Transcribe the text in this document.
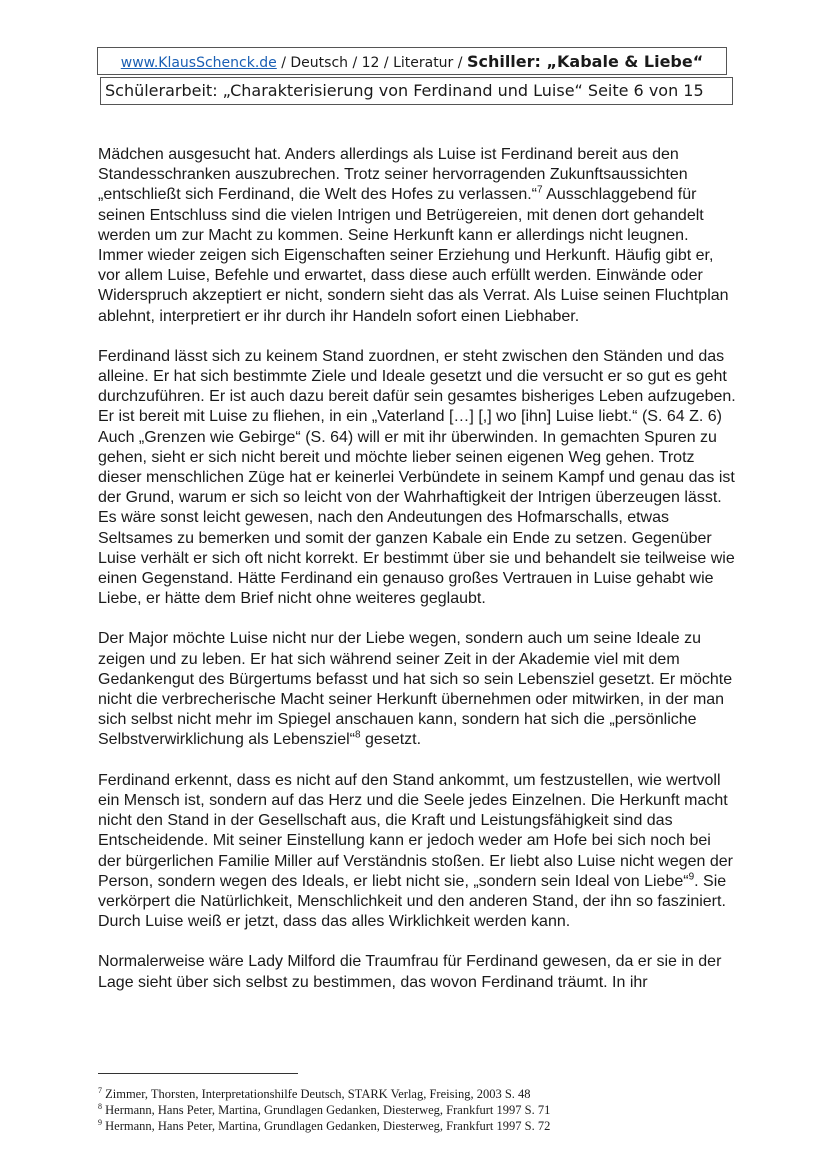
www.KlausSchenck.de / Deutsch / 12 / Literatur / Schiller: „Kabale & Liebe“
Schülerarbeit: „Charakterisierung von Ferdinand und Luise“ Seite 6 von 15

Mädchen ausgesucht hat. Anders allerdings als Luise ist Ferdinand bereit aus den Standesschranken auszubrechen. Trotz seiner hervorragenden Zukunftsaussichten „entschließt sich Ferdinand, die Welt des Hofes zu verlassen.“$^7$ Ausschlaggebend für seinen Entschluss sind die vielen Intrigen und Betrügereien, mit denen dort gehandelt werden um zur Macht zu kommen. Seine Herkunft kann er allerdings nicht leugnen. Immer wieder zeigen sich Eigenschaften seiner Erziehung und Herkunft. Häufig gibt er, vor allem Luise, Befehle und erwartet, dass diese auch erfüllt werden. Einwände oder Widerspruch akzeptiert er nicht, sondern sieht das als Verrat. Als Luise seinen Fluchtplan ablehnt, interpretiert er ihr durch ihr Handeln sofort einen Liebhaber.

Ferdinand lässt sich zu keinem Stand zuordnen, er steht zwischen den Ständen und das alleine. Er hat sich bestimmte Ziele und Ideale gesetzt und die versucht er so gut es geht durchzuführen. Er ist auch dazu bereit dafür sein gesamtes bisheriges Leben aufzugeben. Er ist bereit mit Luise zu fliehen, in ein „Vaterland […] [,] wo [ihn] Luise liebt.“ (S. 64 Z. 6) Auch „Grenzen wie Gebirge“ (S. 64) will er mit ihr überwinden. In gemachten Spuren zu gehen, sieht er sich nicht bereit und möchte lieber seinen eigenen Weg gehen. Trotz dieser menschlichen Züge hat er keinerlei Verbündete in seinem Kampf und genau das ist der Grund, warum er sich so leicht von der Wahrhaftigkeit der Intrigen überzeugen lässt. Es wäre sonst leicht gewesen, nach den Andeutungen des Hofmarschalls, etwas Seltsames zu bemerken und somit der ganzen Kabale ein Ende zu setzen. Gegenüber Luise verhält er sich oft nicht korrekt. Er bestimmt über sie und behandelt sie teilweise wie einen Gegenstand. Hätte Ferdinand ein genauso großes Vertrauen in Luise gehabt wie Liebe, er hätte dem Brief nicht ohne weiteres geglaubt.

Der Major möchte Luise nicht nur der Liebe wegen, sondern auch um seine Ideale zu zeigen und zu leben. Er hat sich während seiner Zeit in der Akademie viel mit dem Gedankengut des Bürgertums befasst und hat sich so sein Lebensziel gesetzt. Er möchte nicht die verbrecherische Macht seiner Herkunft übernehmen oder mitwirken, in der man sich selbst nicht mehr im Spiegel anschauen kann, sondern hat sich die „persönliche Selbstverwirklichung als Lebensziel“$^8$ gesetzt.

Ferdinand erkennt, dass es nicht auf den Stand ankommt, um festzustellen, wie wertvoll ein Mensch ist, sondern auf das Herz und die Seele jedes Einzelnen. Die Herkunft macht nicht den Stand in der Gesellschaft aus, die Kraft und Leistungsfähigkeit sind das Entscheidende. Mit seiner Einstellung kann er jedoch weder am Hofe bei sich noch bei der bürgerlichen Familie Miller auf Verständnis stoßen. Er liebt also Luise nicht wegen der Person, sondern wegen des Ideals, er liebt nicht sie, „sondern sein Ideal von Liebe“$^9$. Sie verkörpert die Natürlichkeit, Menschlichkeit und den anderen Stand, der ihn so fasziniert. Durch Luise weiß er jetzt, dass das alles Wirklichkeit werden kann.

Normalerweise wäre Lady Milford die Traumfrau für Ferdinand gewesen, da er sie in der Lage sieht über sich selbst zu bestimmen, das wovon Ferdinand träumt. In ihr

$^7$ Zimmer, Thorsten, Interpretationshilfe Deutsch, STARK Verlag, Freising, 2003 S. 48
$^8$ Hermann, Hans Peter, Martina, Grundlagen Gedanken, Diesterweg, Frankfurt 1997 S. 71
$^9$ Hermann, Hans Peter, Martina, Grundlagen Gedanken, Diesterweg, Frankfurt 1997 S. 72
